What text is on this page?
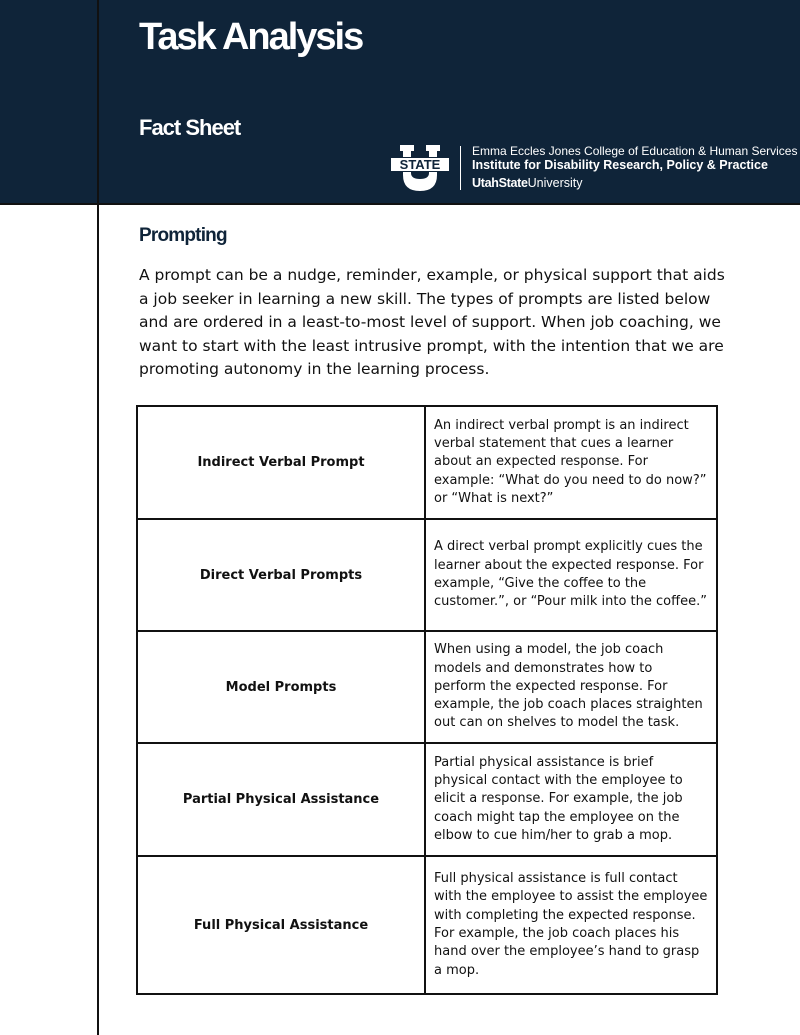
Task Analysis
Fact Sheet
STATE
Emma Eccles Jones College of Education & Human Services
Institute for Disability Research, Policy & Practice
UtahStateUniversity
Prompting

A prompt can be a nudge, reminder, example, or physical support that aids a job seeker in learning a new skill. The types of prompts are listed below and are ordered in a least-to-most level of support. When job coaching, we want to start with the least intrusive prompt, with the intention that we are promoting autonomy in the learning process.

Indirect Verbal Prompt	An indirect verbal prompt is an indirect verbal statement that cues a learner about an expected response. For example: “What do you need to do now?” or “What is next?”
Direct Verbal Prompts	A direct verbal prompt explicitly cues the learner about the expected response. For example, “Give the coffee to the customer.”, or “Pour milk into the coffee.”
Model Prompts	When using a model, the job coach models and demonstrates how to perform the expected response. For example, the job coach places straighten out can on shelves to model the task.
Partial Physical Assistance	Partial physical assistance is brief physical contact with the employee to elicit a response. For example, the job coach might tap the employee on the elbow to cue him/her to grab a mop.
Full Physical Assistance	Full physical assistance is full contact with the employee to assist the employee with completing the expected response. For example, the job coach places his hand over the employee’s hand to grasp a mop.
